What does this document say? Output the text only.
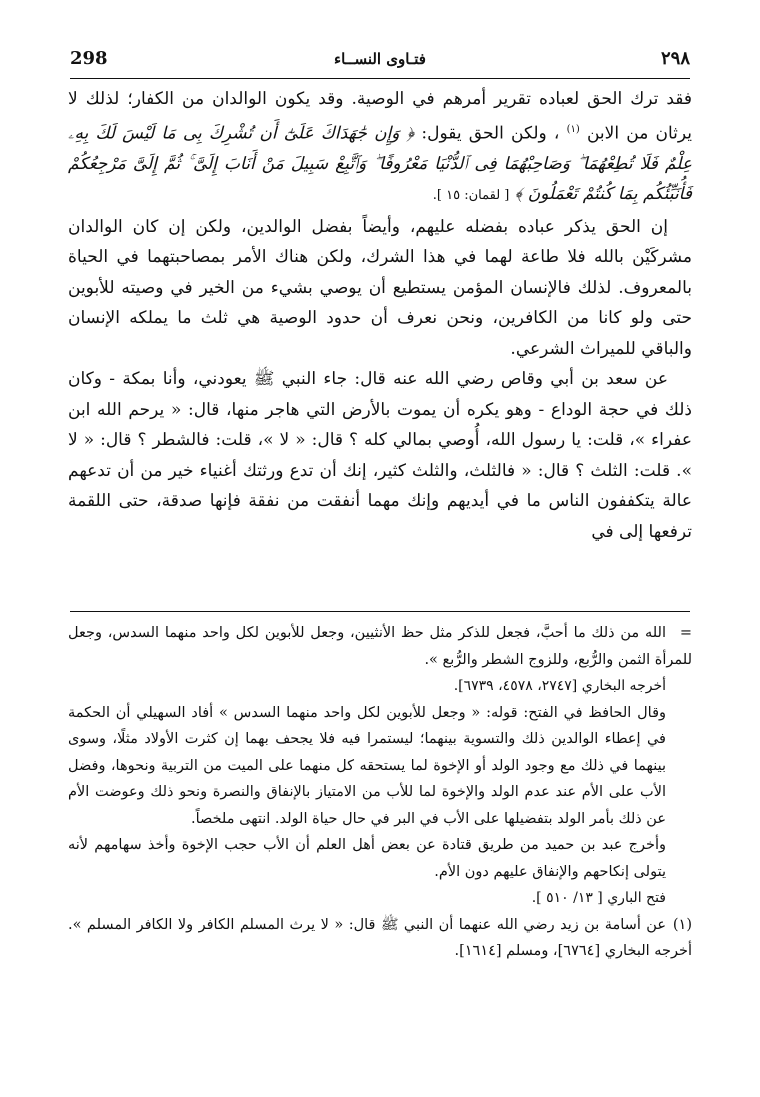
298	فتـاوى النســاء	٢٩٨

فقد ترك الحق لعباده تقرير أمرهم في الوصية. وقد يكون الوالدان من الكفار؛ لذلك لا يرثان من الابن $^{(١)}$ ، ولكن الحق يقول: ﴿ وَإِن جَٰهَدَاكَ عَلَىٰٓ أَن تُشْرِكَ بِى مَا لَيْسَ لَكَ بِهِۦ عِلْمٌ فَلَا تُطِعْهُمَا ۖ وَصَاحِبْهُمَا فِى ٱلدُّنْيَا مَعْرُوفًا ۖ وَٱتَّبِعْ سَبِيلَ مَنْ أَنَابَ إِلَىَّ ۚ ثُمَّ إِلَىَّ مَرْجِعُكُمْ فَأُنَبِّئُكُم بِمَا كُنتُمْ تَعْمَلُونَ ﴾ [ لقمان: ١٥ ].

إن الحق يذكر عباده بفضله عليهم، وأيضاً بفضل الوالدين، ولكن إن كان الوالدان مشركَيْن بالله فلا طاعة لهما في هذا الشرك، ولكن هناك الأمر بمصاحبتهما في الحياة بالمعروف. لذلك فالإنسان المؤمن يستطيع أن يوصي بشيء من الخير في وصيته للأبوين حتى ولو كانا من الكافرين، ونحن نعرف أن حدود الوصية هي ثلث ما يملكه الإنسان والباقي للميراث الشرعي.

عن سعد بن أبي وقاص رضي الله عنه قال: جاء النبي ﷺ يعودني، وأنا بمكة - وكان ذلك في حجة الوداع - وهو يكره أن يموت بالأرض التي هاجر منها، قال: « يرحم الله ابن عفراء »، قلت: يا رسول الله، أُوصي بمالي كله ؟ قال: « لا »، قلت: فالشطر ؟ قال: « لا ». قلت: الثلث ؟ قال: « فالثلث، والثلث كثير، إنك أن تدع ورثتك أغنياء خير من أن تدعهم عالة يتكففون الناس ما في أيديهم وإنك مهما أنفقت من نفقة فإنها صدقة، حتى اللقمة ترفعها إلى في

=الله من ذلك ما أحبَّ، فجعل للذكر مثل حظ الأنثيين، وجعل للأبوين لكل واحد منهما السدس، وجعل للمرأة الثمن والرُّبع، وللزوج الشطر والرُّبع ».

أخرجه البخاري [٢٧٤٧، ٤٥٧٨، ٦٧٣٩].

وقال الحافظ في الفتح: قوله: « وجعل للأبوين لكل واحد منهما السدس » أفاد السهيلي أن الحكمة في إعطاء الوالدين ذلك والتسوية بينهما؛ ليستمرا فيه فلا يجحف بهما إن كثرت الأولاد مثلًا، وسوى بينهما في ذلك مع وجود الولد أو الإخوة لما يستحقه كل منهما على الميت من التربية ونحوها، وفضل الأب على الأم عند عدم الولد والإخوة لما للأب من الامتياز بالإنفاق والنصرة ونحو ذلك وعوضت الأم عن ذلك بأمر الولد بتفضيلها على الأب في البر في حال حياة الولد. انتهى ملخصاً.

وأخرج عبد بن حميد من طريق قتادة عن بعض أهل العلم أن الأب حجب الإخوة وأخذ سهامهم لأنه يتولى إنكاحهم والإنفاق عليهم دون الأم.

فتح الباري [ ١٣/ ٥١٠ ].

(١)عن أسامة بن زيد رضي الله عنهما أن النبي ﷺ قال: « لا يرث المسلم الكافر ولا الكافر المسلم ». أخرجه البخاري [٦٧٦٤]، ومسلم [١٦١٤].
